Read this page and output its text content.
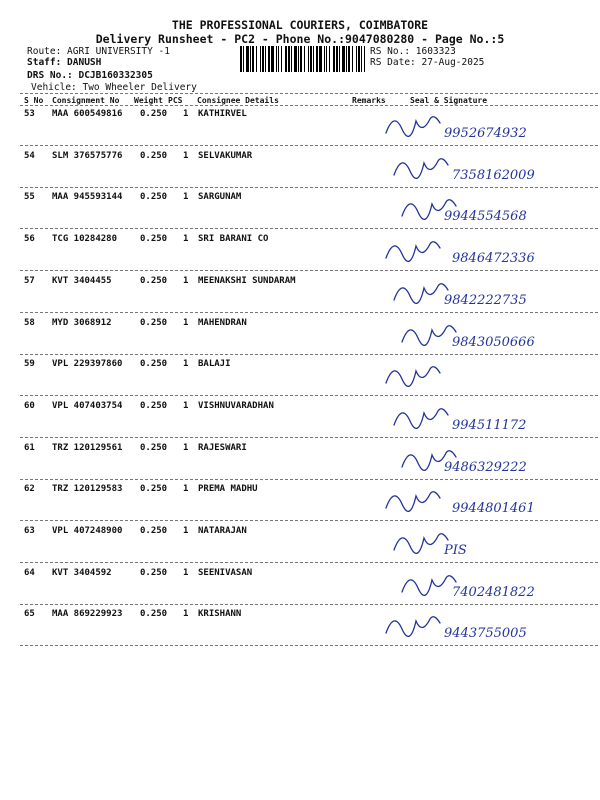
THE PROFESSIONAL COURIERS, COIMBATORE
Delivery Runsheet - PC2 - Phone No.:9047080280 - Page No.:5
Route: AGRI UNIVERSITY -1
Staff: DANUSH
DRS No.: DCJB160332305
Vehicle: Two Wheeler Delivery
RS No.: 1603323
RS Date: 27-Aug-2025
S No Consignment No Weight PCS Consignee Details	Remarks	Seal & Signature
53 MAA 600549816 0.250 1 KATHIRVEL
9952674932
54 SLM 376575776 0.250 1 SELVAKUMAR
7358162009
55 MAA 945593144 0.250 1 SARGUNAM
9944554568
56 TCG 10284280	0.250 1 SRI BARANI CO
9846472336
57 KVT 3404455	0.250 1 MEENAKSHI SUNDARAM
9842222735
58 MYD 3068912	0.250 1 MAHENDRAN
9843050666
59 VPL 229397860 0.250 1 BALAJI
60 VPL 407403754 0.250 1 VISHNUVARADHAN
994511172
61 TRZ 120129561 0.250 1 RAJESWARI
9486329222
62 TRZ 120129583 0.250 1 PREMA MADHU
9944801461
63 VPL 407248900 0.250 1 NATARAJAN
PIS
64 KVT 3404592	0.250 1 SEENIVASAN
7402481822
65 MAA 869229923 0.250 1 KRISHANN
9443755005
